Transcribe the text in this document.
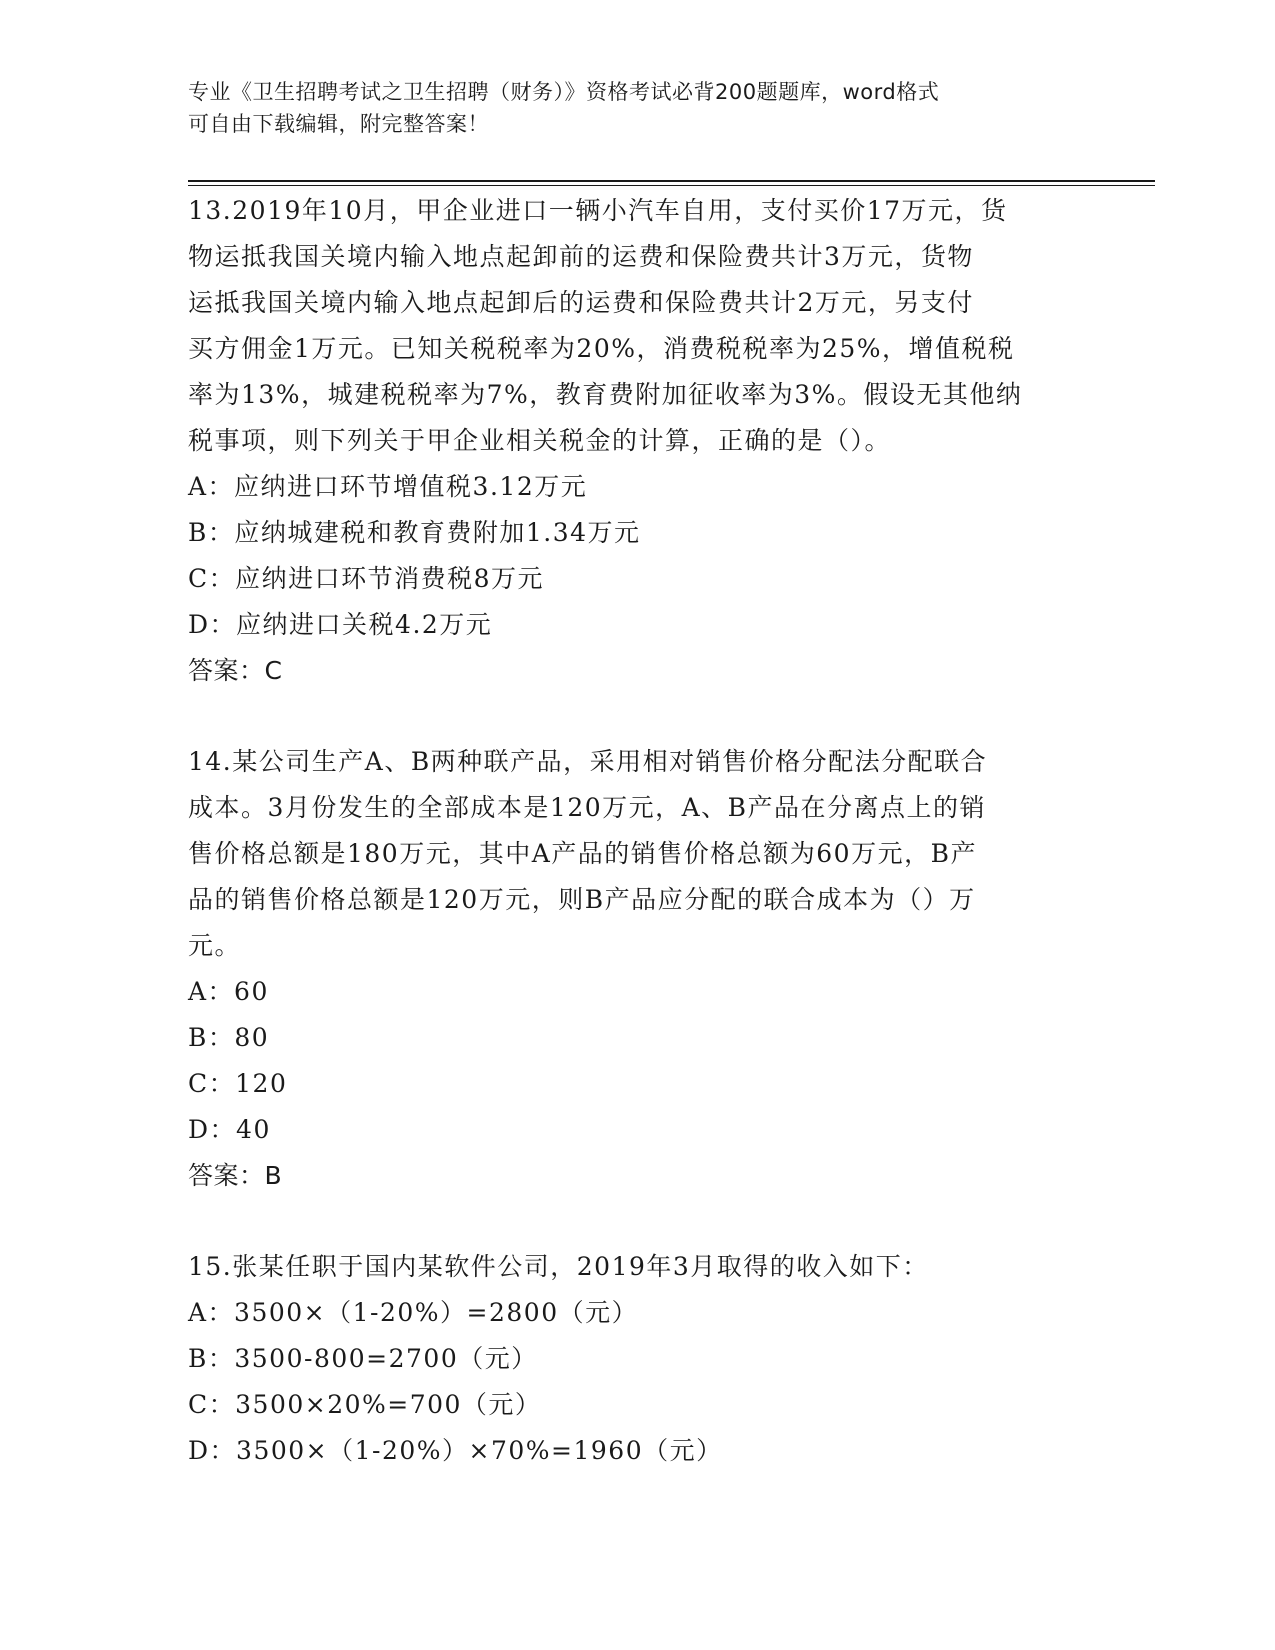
专业《卫生招聘考试之卫生招聘（财务）》资格考试必背200题题库，word格式
可自由下载编辑，附完整答案！
13.2019年10月，甲企业进口一辆小汽车自用，支付买价17万元，货
物运抵我国关境内输入地点起卸前的运费和保险费共计3万元，货物
运抵我国关境内输入地点起卸后的运费和保险费共计2万元，另支付
买方佣金1万元。已知关税税率为20%，消费税税率为25%，增值税税
率为13%，城建税税率为7%，教育费附加征收率为3%。假设无其他纳
税事项，则下列关于甲企业相关税金的计算，正确的是（）。
A：应纳进口环节增值税3.12万元
B：应纳城建税和教育费附加1.34万元
C：应纳进口环节消费税8万元
D：应纳进口关税4.2万元
答案：C
14.某公司生产A、B两种联产品，采用相对销售价格分配法分配联合
成本。3月份发生的全部成本是120万元，A、B产品在分离点上的销
售价格总额是180万元，其中A产品的销售价格总额为60万元，B产
品的销售价格总额是120万元，则B产品应分配的联合成本为（）万
元。
A：60
B：80
C：120
D：40
答案：B
15.张某任职于国内某软件公司，2019年3月取得的收入如下：
A：3500×（1-20%）=2800（元）
B：3500-800=2700（元）
C：3500×20%=700（元）
D：3500×（1-20%）×70%=1960（元）
